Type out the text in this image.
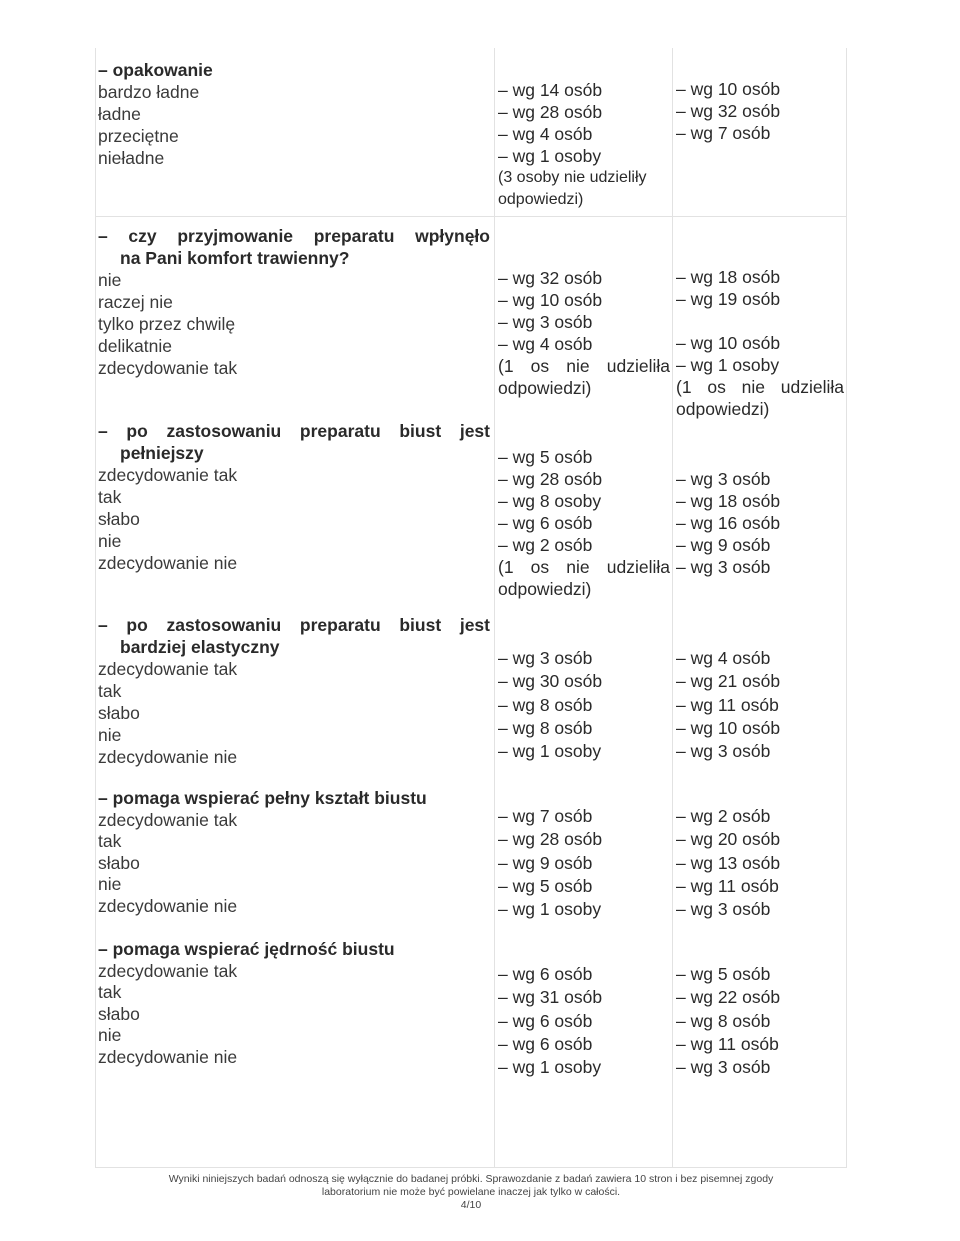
– opakowanie
bardzo ładne
ładne
przeciętne
nieładne
– wg 14 osób
– wg 28 osób
– wg 4 osób
– wg 1 osoby
(3 osoby nie udzieliły
odpowiedzi)
– wg 10 osób
– wg 32 osób
– wg 7 osób
– czy przyjmowanie preparatu wpłynęło
na Pani komfort trawienny?
nie
raczej nie
tylko przez chwilę
delikatnie
zdecydowanie tak
– wg 32 osób
– wg 10 osób
– wg 3 osób
– wg 4 osób
(1 os nie udzieliła
odpowiedzi)
– wg 18 osób
– wg 19 osób
– wg 10 osób
– wg 1 osoby
(1 os nie udzieliła
odpowiedzi)
– po zastosowaniu preparatu biust jest
pełniejszy
zdecydowanie tak
tak
słabo
nie
zdecydowanie nie
– wg 5 osób
– wg 28 osób
– wg 8 osoby
– wg 6 osób
– wg 2 osób
(1 os nie udzieliła
odpowiedzi)
– wg 3 osób
– wg 18 osób
– wg 16 osób
– wg 9 osób
– wg 3 osób
– po zastosowaniu preparatu biust jest
bardziej elastyczny
zdecydowanie tak
tak
słabo
nie
zdecydowanie nie
– wg 3 osób
– wg 30 osób
– wg 8 osób
– wg 8 osób
– wg 1 osoby
– wg 4 osób
– wg 21 osób
– wg 11 osób
– wg 10 osób
– wg 3 osób
– pomaga wspierać pełny kształt biustu
zdecydowanie tak
tak
słabo
nie
zdecydowanie nie
– wg 7 osób
– wg 28 osób
– wg 9 osób
– wg 5 osób
– wg 1 osoby
– wg 2 osób
– wg 20 osób
– wg 13 osób
– wg 11 osób
– wg 3 osób
– pomaga wspierać jędrność biustu
zdecydowanie tak
tak
słabo
nie
zdecydowanie nie
– wg 6 osób
– wg 31 osób
– wg 6 osób
– wg 6 osób
– wg 1 osoby
– wg 5 osób
– wg 22 osób
– wg 8 osób
– wg 11 osób
– wg 3 osób
Wyniki niniejszych badań odnoszą się wyłącznie do badanej próbki. Sprawozdanie z badań zawiera 10 stron i bez pisemnej zgody
laboratorium nie może być powielane inaczej jak tylko w całości.
4/10
